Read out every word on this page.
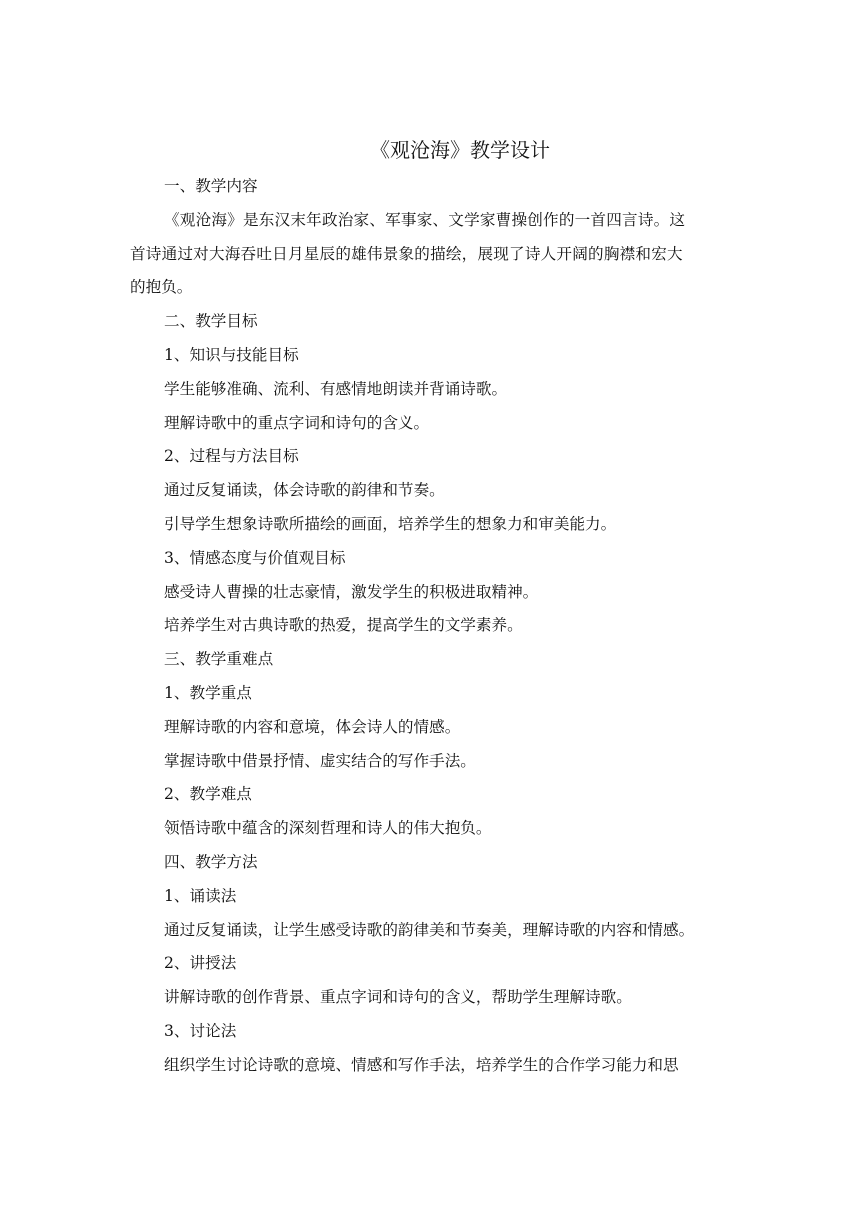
《观沧海》教学设计
一、教学内容
《观沧海》是东汉末年政治家、军事家、文学家曹操创作的一首四言诗。这
首诗通过对大海吞吐日月星辰的雄伟景象的描绘，展现了诗人开阔的胸襟和宏大
的抱负。
二、教学目标
1、知识与技能目标
学生能够准确、流利、有感情地朗读并背诵诗歌。
理解诗歌中的重点字词和诗句的含义。
2、过程与方法目标
通过反复诵读，体会诗歌的韵律和节奏。
引导学生想象诗歌所描绘的画面，培养学生的想象力和审美能力。
3、情感态度与价值观目标
感受诗人曹操的壮志豪情，激发学生的积极进取精神。
培养学生对古典诗歌的热爱，提高学生的文学素养。
三、教学重难点
1、教学重点
理解诗歌的内容和意境，体会诗人的情感。
掌握诗歌中借景抒情、虚实结合的写作手法。
2、教学难点
领悟诗歌中蕴含的深刻哲理和诗人的伟大抱负。
四、教学方法
1、诵读法
通过反复诵读，让学生感受诗歌的韵律美和节奏美，理解诗歌的内容和情感。
2、讲授法
讲解诗歌的创作背景、重点字词和诗句的含义，帮助学生理解诗歌。
3、讨论法
组织学生讨论诗歌的意境、情感和写作手法，培养学生的合作学习能力和思
